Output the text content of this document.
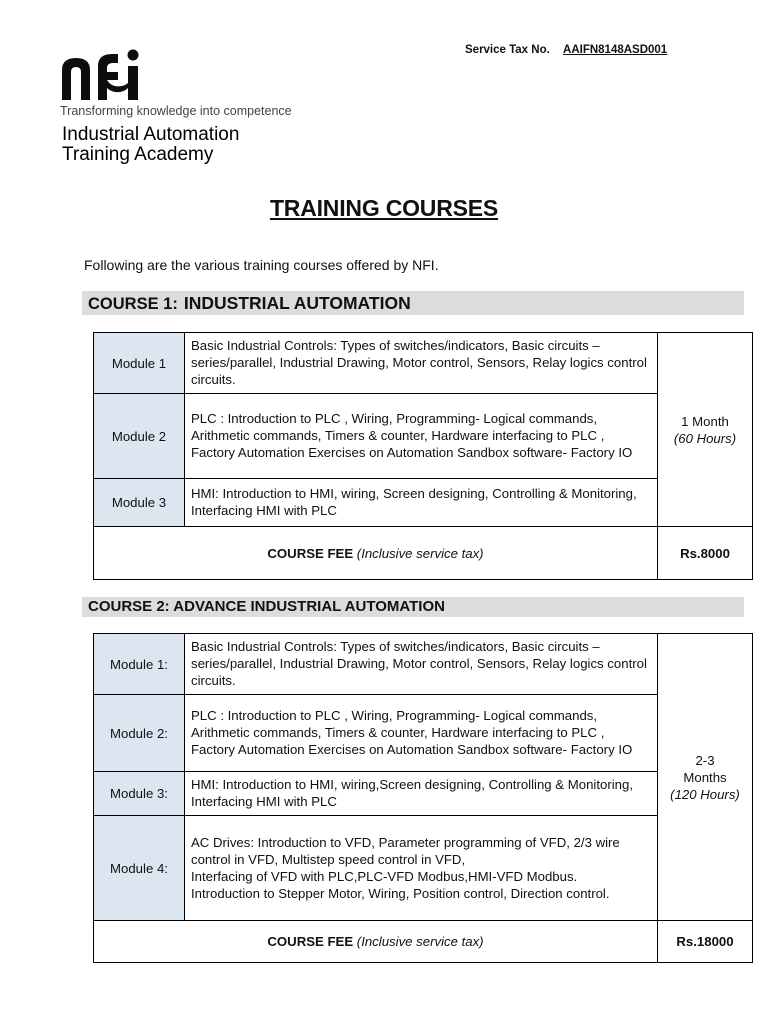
Service Tax No. AAIFN8148ASD001
Transforming knowledge into competence
Industrial Automation
Training Academy
TRAINING COURSES
Following are the various training courses offered by NFI.
COURSE 1: INDUSTRIAL AUTOMATION
Module 1	Basic Industrial Controls: Types of switches/indicators, Basic circuits – series/parallel, Industrial Drawing, Motor control, Sensors, Relay logics control circuits.	1 Month
(60 Hours)

Module 2	PLC : Introduction to PLC , Wiring, Programming- Logical commands, Arithmetic commands, Timers & counter, Hardware interfacing to PLC , Factory Automation Exercises on Automation Sandbox software- Factory IO	
Module 3	HMI: Introduction to HMI, wiring, Screen designing, Controlling & Monitoring, Interfacing HMI with PLC	
COURSE FEE (Inclusive service tax)		Rs.8000
COURSE 2: ADVANCE INDUSTRIAL AUTOMATION
Module 1:	Basic Industrial Controls: Types of switches/indicators, Basic circuits – series/parallel, Industrial Drawing, Motor control, Sensors, Relay logics control circuits.	2-3
Months
(120 Hours)

Module 2:	PLC : Introduction to PLC , Wiring, Programming- Logical commands, Arithmetic commands, Timers & counter, Hardware interfacing to PLC , Factory Automation Exercises on Automation Sandbox software- Factory IO	
Module 3:	HMI: Introduction to HMI, wiring,Screen designing, Controlling & Monitoring, Interfacing HMI with PLC	
Module 4:	AC Drives: Introduction to VFD, Parameter programming of VFD, 2/3 wire control in VFD, Multistep speed control in VFD,
Interfacing of VFD with PLC,PLC-VFD Modbus,HMI-VFD Modbus.
Introduction to Stepper Motor, Wiring, Position control, Direction control.	

COURSE FEE (Inclusive service tax)		Rs.18000
